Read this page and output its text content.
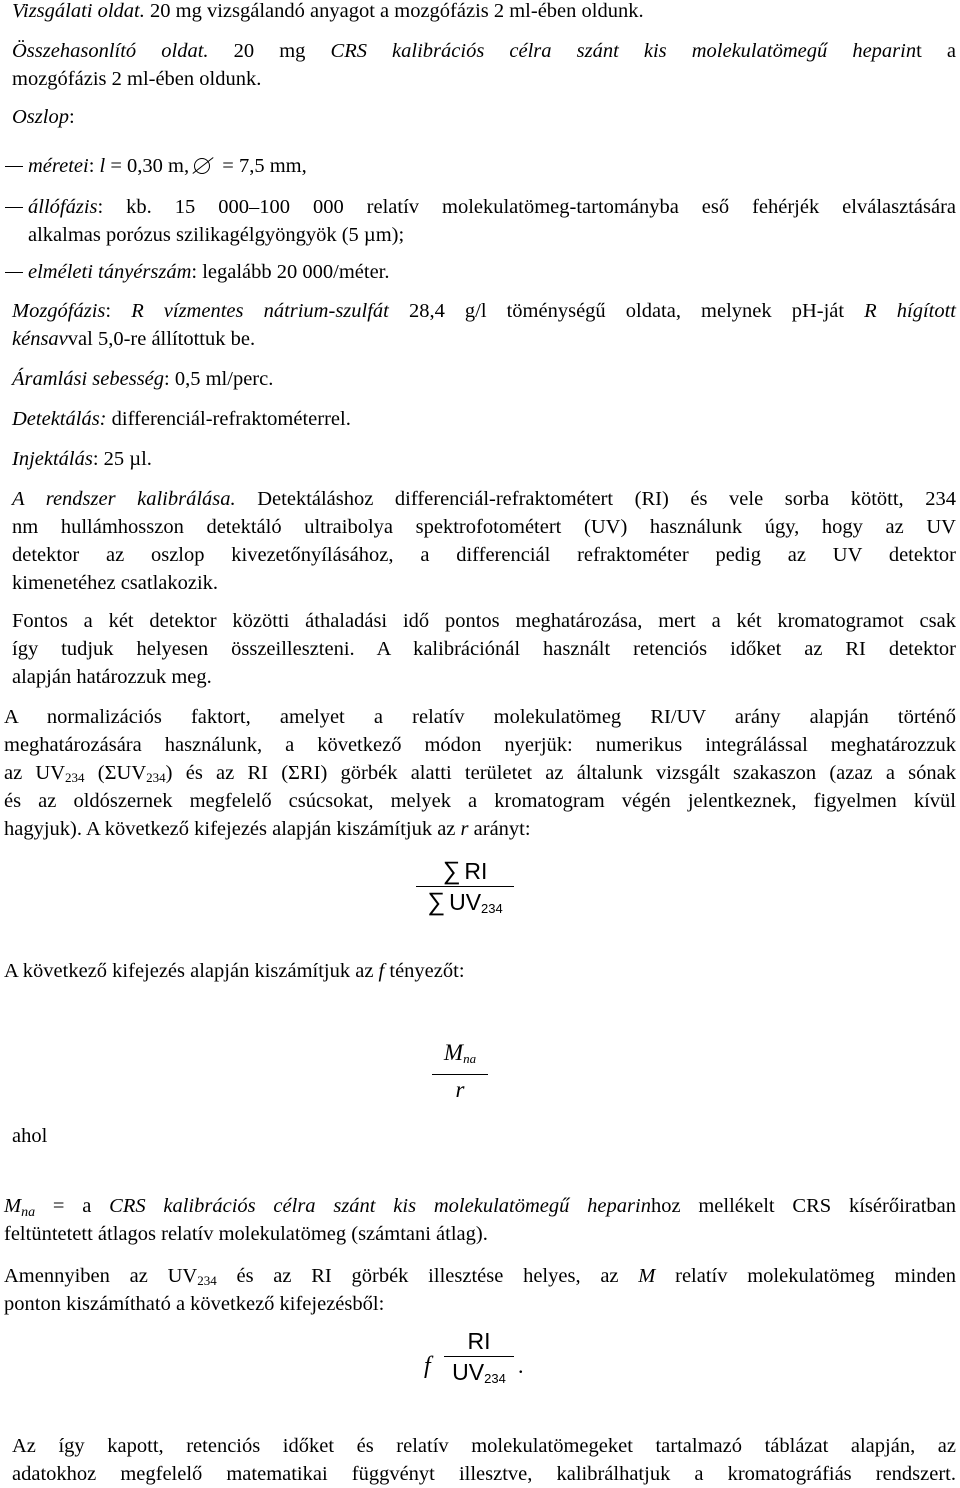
Vizsgálati oldat. 20 mg vizsgálandó anyagot a mozgófázis 2 ml-ében oldunk.
Összehasonlító oldat. 20 mg CRS kalibrációs célra szánt kis molekulatömegű heparint a
mozgófázis 2 ml-ében oldunk.
Oszlop:
méretei: l = 0,30 m, = 7,5 mm,
állófázis: kb. 15 000–100 000 relatív molekulatömeg-tartományba eső fehérjék elválasztására
alkalmas porózus szilikagélgyöngyök (5 µm);
elméleti tányérszám: legalább 20 000/méter.
Mozgófázis: R vízmentes nátrium-szulfát 28,4 g/l töménységű oldata, melynek pH-ját R hígított
kénsavval 5,0-re állítottuk be.
Áramlási sebesség: 0,5 ml/perc.
Detektálás: differenciál-refraktométerrel.
Injektálás: 25 µl.
A rendszer kalibrálása. Detektáláshoz differenciál-refraktométert (RI) és vele sorba kötött, 234
nm hullámhosszon detektáló ultraibolya spektrofotométert (UV) használunk úgy, hogy az UV
detektor az oszlop kivezetőnyílásához, a differenciál refraktométer pedig az UV detektor
kimenetéhez csatlakozik.
Fontos a két detektor közötti áthaladási idő pontos meghatározása, mert a két kromatogramot csak
így tudjuk helyesen összeilleszteni. A kalibrációnál használt retenciós időket az RI detektor
alapján határozzuk meg.
A normalizációs faktort, amelyet a relatív molekulatömeg RI/UV arány alapján történő
meghatározására használunk, a következő módon nyerjük: numerikus integrálással meghatározzuk
az $UV_{234}$ $(\Sigma UV_{234})$ és az RI (ΣRI) görbék alatti területet az általunk vizsgált szakaszon (azaz a sónak
és az oldószernek megfelelő csúcsokat, melyek a kromatogram végén jelentkeznek, figyelmen kívül
hagyjuk). A következő kifejezés alapján kiszámítjuk az r arányt:
∑ RI
∑ $UV_{234}$
A következő kifejezés alapján kiszámítjuk az f tényezőt:
$M_{na}$
r
ahol
Mna = a CRS kalibrációs célra szánt kis molekulatömegű heparinhoz mellékelt CRS kísérőiratban
feltüntetett átlagos relatív molekulatömeg (számtani átlag).
Amennyiben az $UV_{234}$ és az RI görbék illesztése helyes, az M relatív molekulatömeg minden
ponton kiszámítható a következő kifejezésből:
f
RI
$UV_{234}$
.
Az így kapott, retenciós időket és relatív molekulatömegeket tartalmazó táblázat alapján, az
adatokhoz megfelelő matematikai függvényt illesztve, kalibrálhatjuk a kromatográfiás rendszert.
